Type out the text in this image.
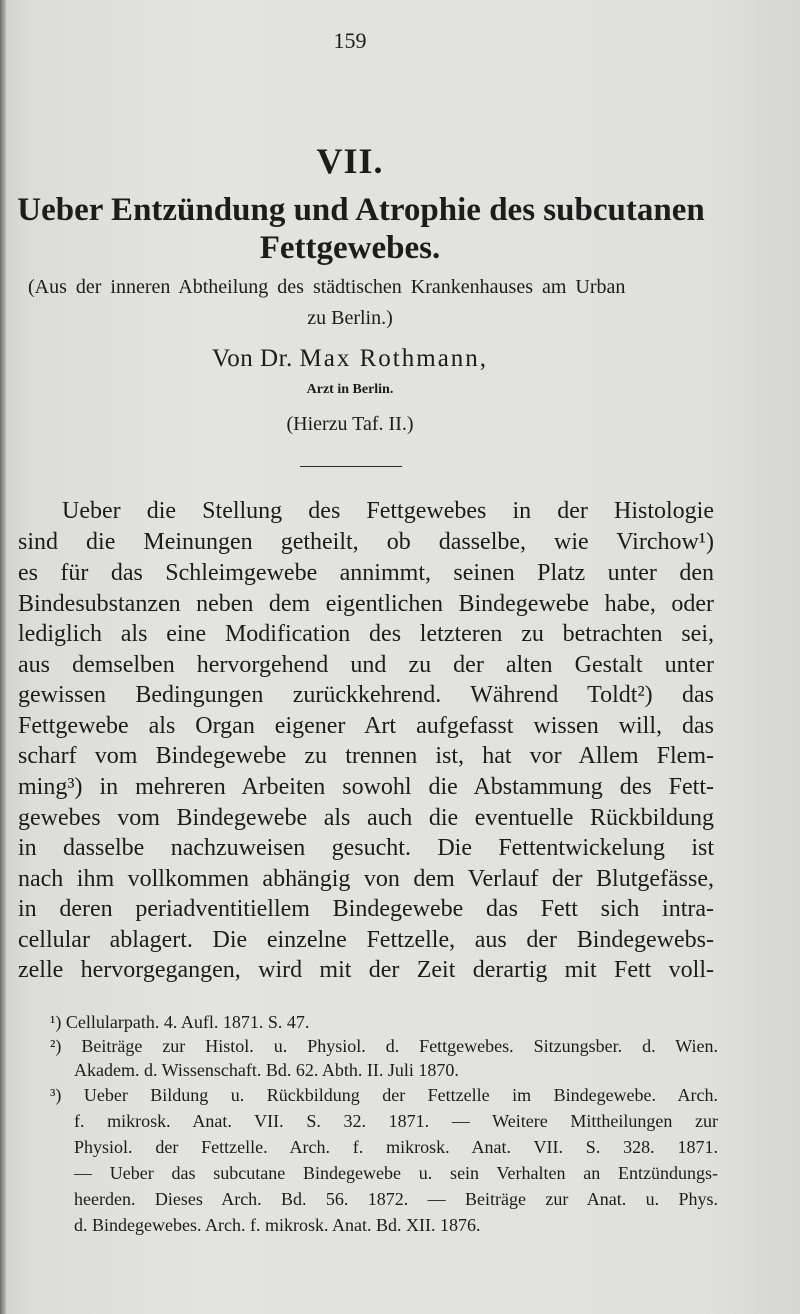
159
VII.
Ueber Entzündung und Atrophie des subcutanen
Fettgewebes.
(Aus der inneren Abtheilung des städtischen Krankenhauses am Urban
zu Berlin.)
Von Dr. Max Rothmann,
Arzt in Berlin.
(Hierzu Taf. II.)
Ueber die Stellung des Fettgewebes in der Histologie
sind die Meinungen getheilt, ob dasselbe, wie Virchow¹)
es für das Schleimgewebe annimmt, seinen Platz unter den
Bindesubstanzen neben dem eigentlichen Bindegewebe habe, oder
lediglich als eine Modification des letzteren zu betrachten sei,
aus demselben hervorgehend und zu der alten Gestalt unter
gewissen Bedingungen zurückkehrend. Während Toldt²) das
Fettgewebe als Organ eigener Art aufgefasst wissen will, das
scharf vom Bindegewebe zu trennen ist, hat vor Allem Flem-
ming³) in mehreren Arbeiten sowohl die Abstammung des Fett-
gewebes vom Bindegewebe als auch die eventuelle Rückbildung
in dasselbe nachzuweisen gesucht. Die Fettentwickelung ist
nach ihm vollkommen abhängig von dem Verlauf der Blutgefässe,
in deren periadventitiellem Bindegewebe das Fett sich intra-
cellular ablagert. Die einzelne Fettzelle, aus der Bindegewebs-
zelle hervorgegangen, wird mit der Zeit derartig mit Fett voll-
¹) Cellularpath. 4. Aufl. 1871. S. 47.
²) Beiträge zur Histol. u. Physiol. d. Fettgewebes. Sitzungsber. d. Wien.
Akadem. d. Wissenschaft. Bd. 62. Abth. II. Juli 1870.
³) Ueber Bildung u. Rückbildung der Fettzelle im Bindegewebe. Arch.
f. mikrosk. Anat. VII. S. 32. 1871. — Weitere Mittheilungen zur
Physiol. der Fettzelle. Arch. f. mikrosk. Anat. VII. S. 328. 1871.
— Ueber das subcutane Bindegewebe u. sein Verhalten an Entzündungs-
heerden. Dieses Arch. Bd. 56. 1872. — Beiträge zur Anat. u. Phys.
d. Bindegewebes. Arch. f. mikrosk. Anat. Bd. XII. 1876.
